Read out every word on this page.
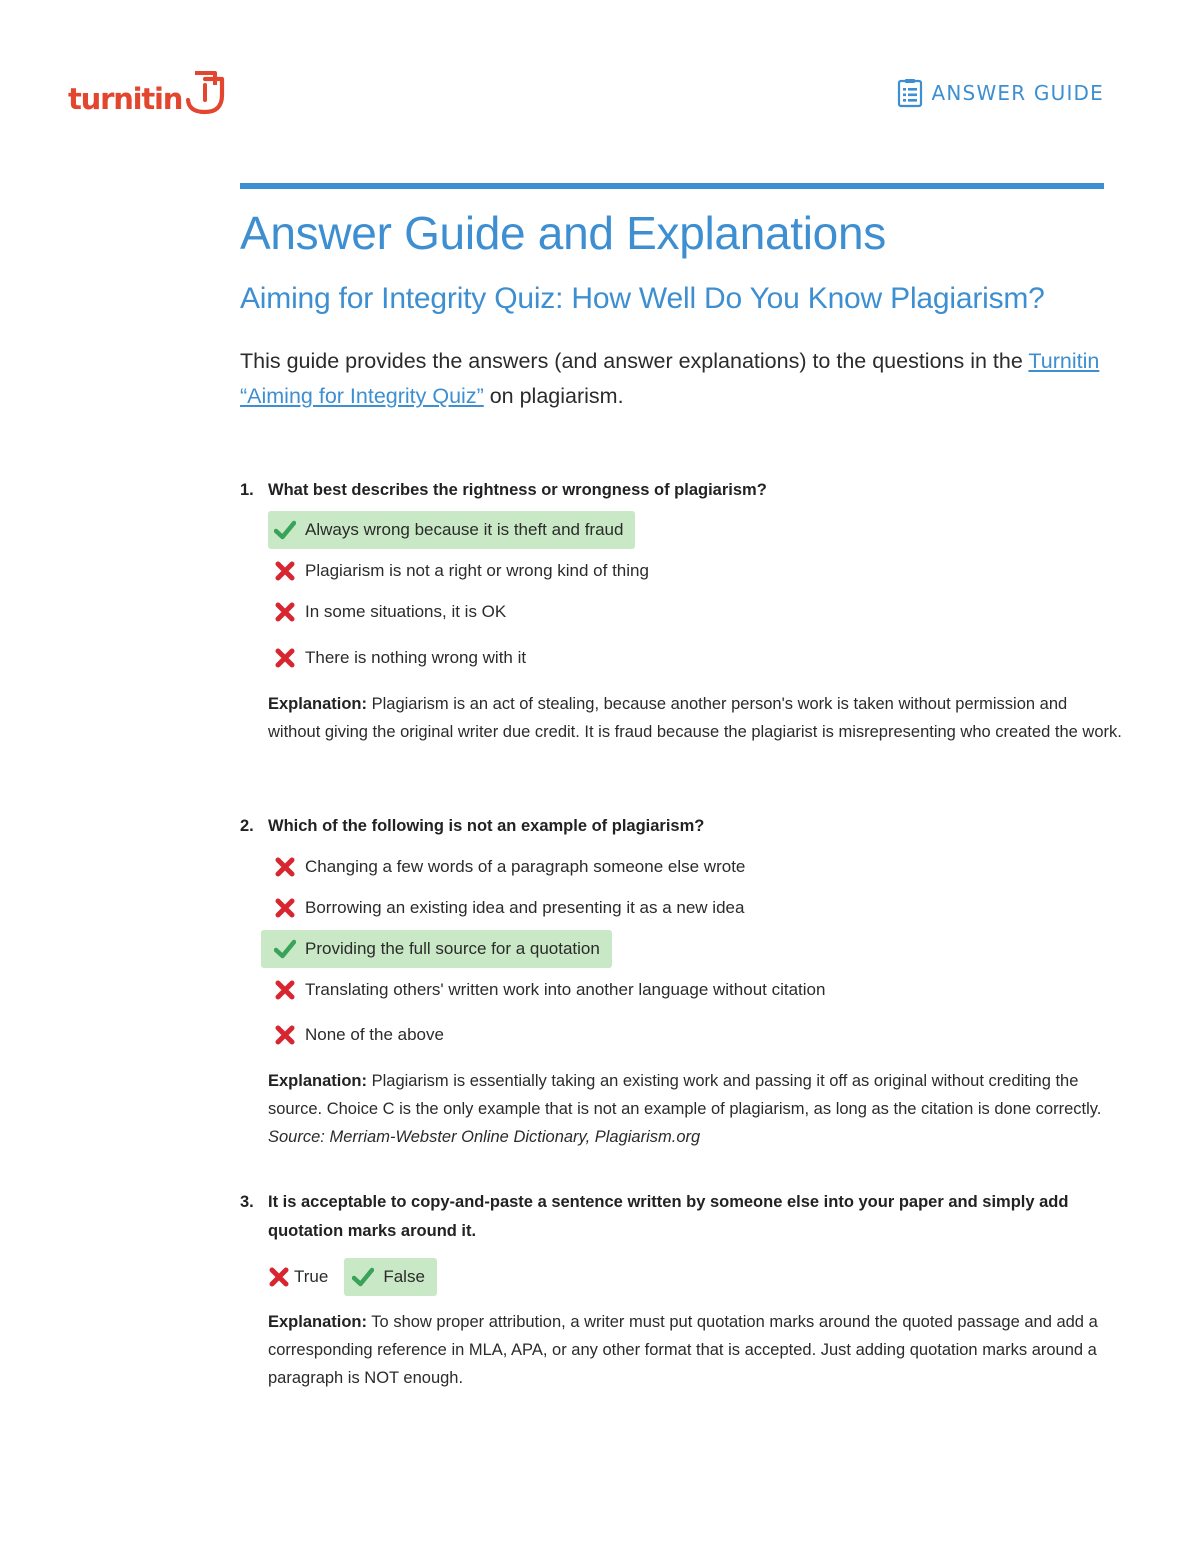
turnitin	ANSWER GUIDE
Answer Guide and Explanations
Aiming for Integrity Quiz: How Well Do You Know Plagiarism?

This guide provides the answers (and answer explanations) to the questions in the Turnitin “Aiming for Integrity Quiz” on plagiarism.

1. What best describes the rightness or wrongness of plagiarism?
Always wrong because it is theft and fraud
Plagiarism is not a right or wrong kind of thing
In some situations, it is OK
There is nothing wrong with it

Explanation: Plagiarism is an act of stealing, because another person's work is taken without permission and without giving the original writer due credit. It is fraud because the plagiarist is misrepresenting who created the work.

2. Which of the following is not an example of plagiarism?
Changing a few words of a paragraph someone else wrote
Borrowing an existing idea and presenting it as a new idea
Providing the full source for a quotation
Translating others' written work into another language without citation
None of the above

Explanation: Plagiarism is essentially taking an existing work and passing it off as original without crediting the source. Choice C is the only example that is not an example of plagiarism, as long as the citation is done correctly. Source: Merriam-Webster Online Dictionary, Plagiarism.org

3. It is acceptable to copy-and-paste a sentence written by someone else into your paper and simply add quotation marks around it.
True	False

Explanation: To show proper attribution, a writer must put quotation marks around the quoted passage and add a corresponding reference in MLA, APA, or any other format that is accepted. Just adding quotation marks around a paragraph is NOT enough.
